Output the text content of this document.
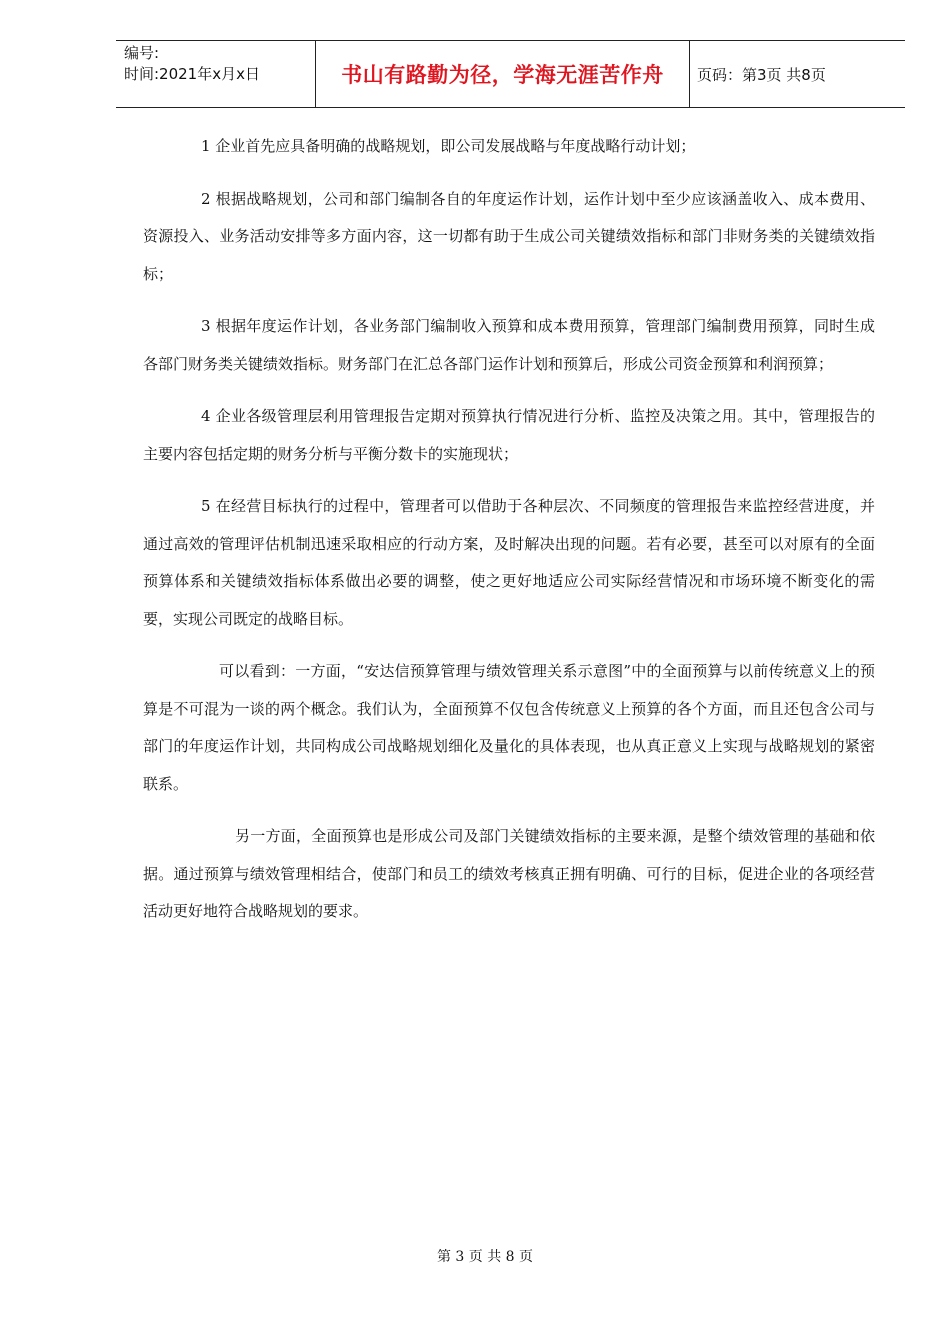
编号:
时间:2021年x月x日	书山有路勤为径，学海无涯苦作舟 页码：第3页 共8页

1 企业首先应具备明确的战略规划，即公司发展战略与年度战略行动计划；

2 根据战略规划，公司和部门编制各自的年度运作计划，运作计划中至少应该涵盖收入、成本费用、资源投入、业务活动安排等多方面内容，这一切都有助于生成公司关键绩效指标和部门非财务类的关键绩效指标；

3 根据年度运作计划，各业务部门编制收入预算和成本费用预算，管理部门编制费用预算，同时生成各部门财务类关键绩效指标。财务部门在汇总各部门运作计划和预算后，形成公司资金预算和利润预算；

4 企业各级管理层利用管理报告定期对预算执行情况进行分析、监控及决策之用。其中，管理报告的主要内容包括定期的财务分析与平衡分数卡的实施现状；

5 在经营目标执行的过程中，管理者可以借助于各种层次、不同频度的管理报告来监控经营进度，并通过高效的管理评估机制迅速采取相应的行动方案，及时解决出现的问题。若有必要，甚至可以对原有的全面预算体系和关键绩效指标体系做出必要的调整，使之更好地适应公司实际经营情况和市场环境不断变化的需要，实现公司既定的战略目标。

可以看到：一方面，“安达信预算管理与绩效管理关系示意图”中的全面预算与以前传统意义上的预算是不可混为一谈的两个概念。我们认为，全面预算不仅包含传统意义上预算的各个方面，而且还包含公司与部门的年度运作计划，共同构成公司战略规划细化及量化的具体表现，也从真正意义上实现与战略规划的紧密联系。

另一方面，全面预算也是形成公司及部门关键绩效指标的主要来源，是整个绩效管理的基础和依据。通过预算与绩效管理相结合，使部门和员工的绩效考核真正拥有明确、可行的目标，促进企业的各项经营活动更好地符合战略规划的要求。

第 3 页 共 8 页
